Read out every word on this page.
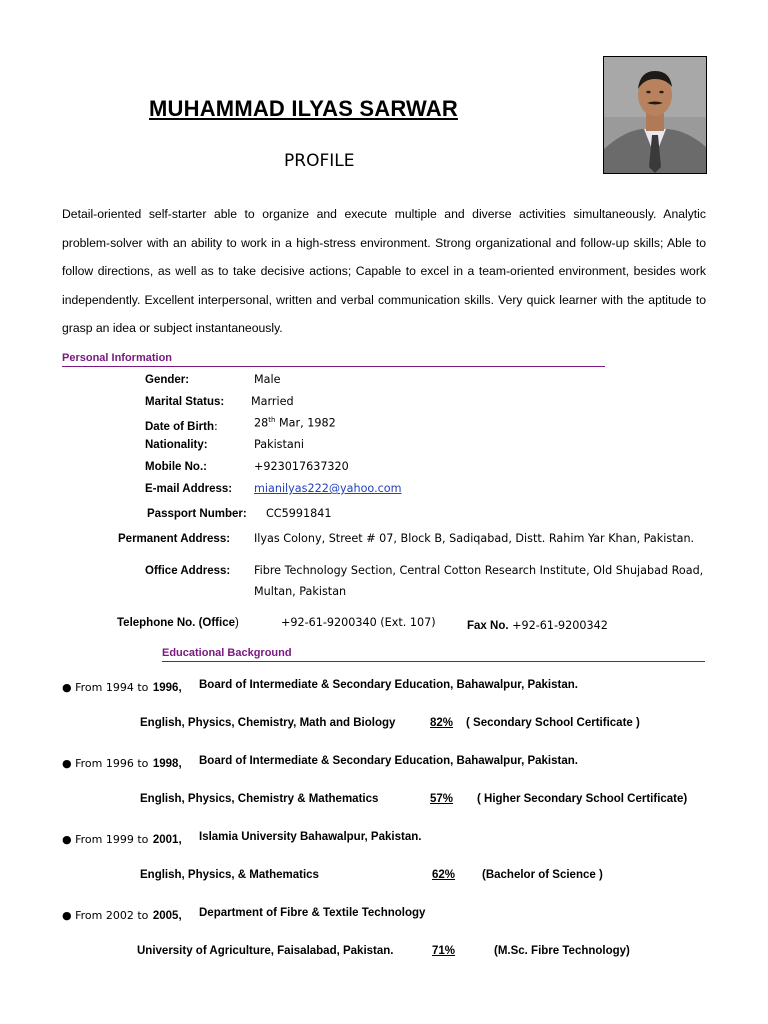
MUHAMMAD ILYAS SARWAR
PROFILE
Detail-oriented self-starter able to organize and execute multiple and diverse activities simultaneously. Analytic problem-solver with an ability to work in a high-stress environment. Strong organizational and follow-up skills; Able to follow directions, as well as to take decisive actions; Capable to excel in a team-oriented environment, besides work independently. Excellent interpersonal, written and verbal communication skills. Very quick learner with the aptitude to grasp an idea or subject instantaneously.
Personal Information
Gender:	Male
Marital Status: Married
Date of Birth:	28th Mar, 1982
Nationality:	Pakistani
Mobile No.:	+923017637320
E-mail Address: mianilyas222@yahoo.com
Passport Number: CC5991841
Permanent Address: Ilyas Colony, Street # 07, Block B, Sadiqabad, Distt. Rahim Yar Khan, Pakistan.
Office Address: Fibre Technology Section, Central Cotton Research Institute, Old Shujabad Road,
Multan, Pakistan
Telephone No. (Office)	+92-61-9200340 (Ext. 107)	Fax No. +92-61-9200342
Educational Background
● From 1994 to 1996, Board of Intermediate & Secondary Education, Bahawalpur, Pakistan.
English, Physics, Chemistry, Math and Biology	82% ( Secondary School Certificate )
● From 1996 to 1998, Board of Intermediate & Secondary Education, Bahawalpur, Pakistan.
English, Physics, Chemistry & Mathematics	57% ( Higher Secondary School Certificate)
● From 1999 to 2001, Islamia University Bahawalpur, Pakistan.
English, Physics, & Mathematics	62% (Bachelor of Science )
● From 2002 to 2005, Department of Fibre & Textile Technology
University of Agriculture, Faisalabad, Pakistan.	71%	(M.Sc. Fibre Technology)
